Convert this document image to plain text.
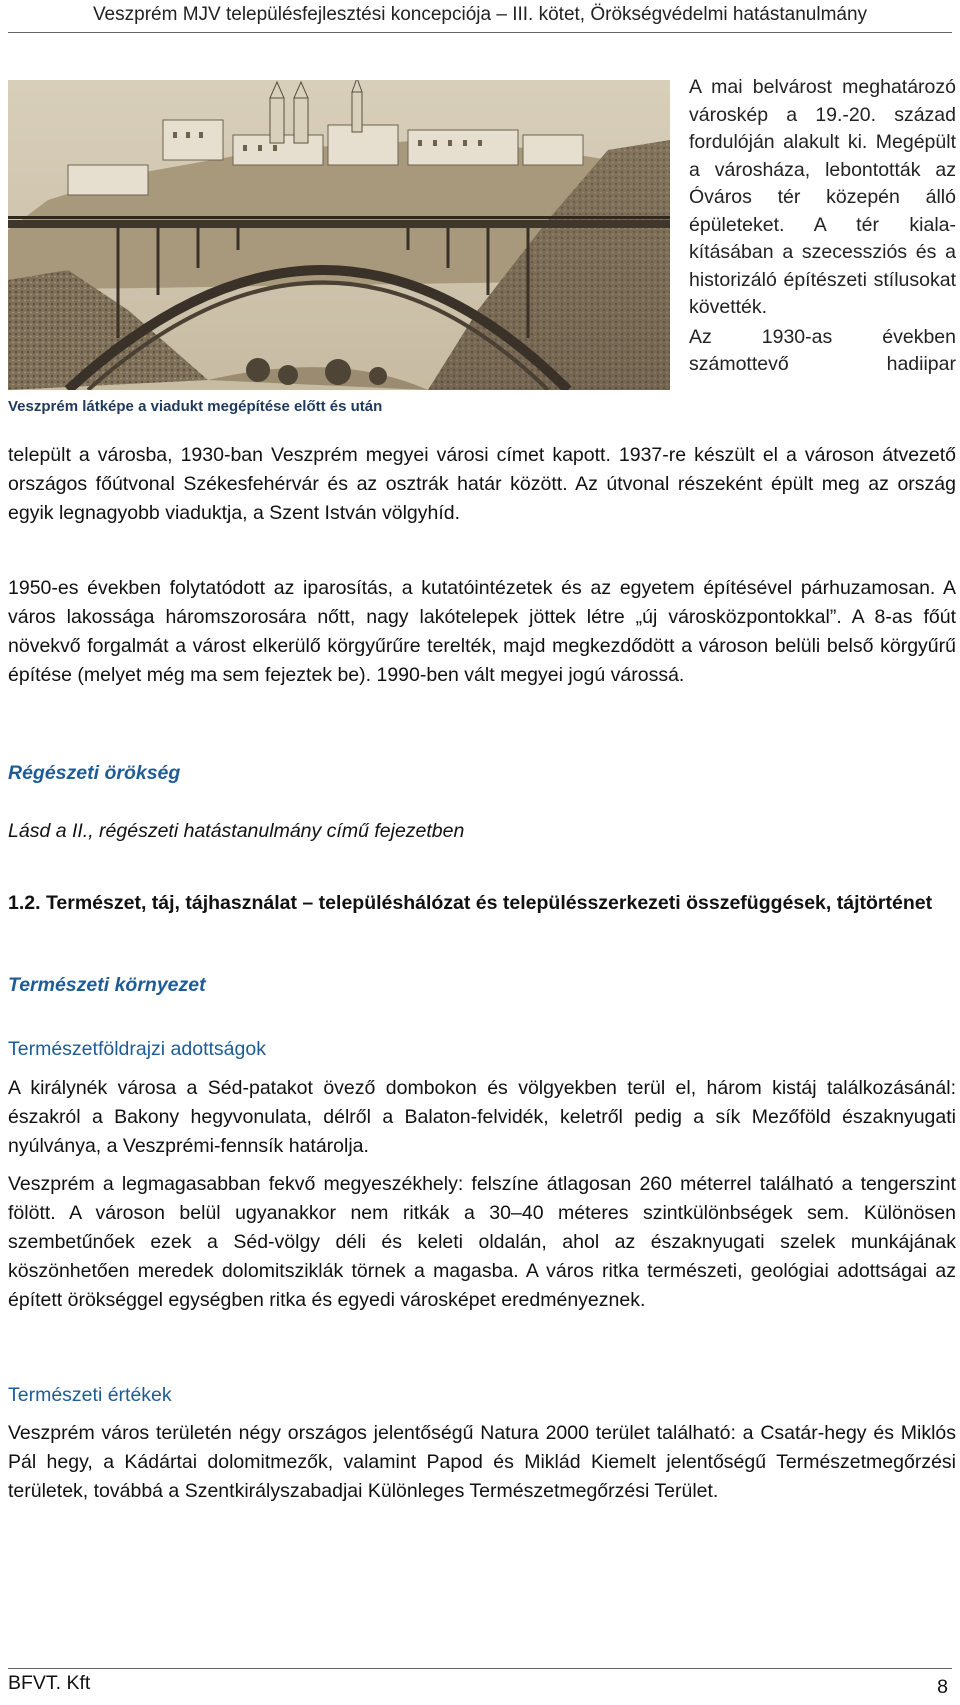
Veszprém MJV településfejlesztési koncepciója – III. kötet, Örökségvédelmi hatástanulmány
Veszprém látképe a viadukt megépítése előtt és után
A mai belvárost meghatározó városkép a 19.-20. század fordulóján alakult ki. Megépült a városháza, lebontották az Óváros tér közepén álló épületeket. A tér kiala-kításában a szecessziós és a historizáló építészeti stílusokat követték.
Az 1930-as években
számottevő hadiipar
települt a városba, 1930-ban Veszprém megyei városi címet kapott. 1937-re készült el a városon átvezető országos főútvonal Székesfehérvár és az osztrák határ között. Az útvonal részeként épült meg az ország egyik legnagyobb viaduktja, a Szent István völgyhíd.
1950-es években folytatódott az iparosítás, a kutatóintézetek és az egyetem építésével párhuzamosan. A város lakossága háromszorosára nőtt, nagy lakótelepek jöttek létre „új városközpontokkal”. A 8-as főút növekvő forgalmát a várost elkerülő körgyűrűre terelték, majd megkezdődött a városon belüli belső körgyűrű építése (melyet még ma sem fejeztek be). 1990-ben vált megyei jogú várossá.
Régészeti örökség
Lásd a II., régészeti hatástanulmány című fejezetben
1.2. Természet, táj, tájhasználat – településhálózat és településszerkezeti összefüggések, tájtörténet
Természeti környezet
Természetföldrajzi adottságok
A királynék városa a Séd-patakot övező dombokon és völgyekben terül el, három kistáj találkozásánál: északról a Bakony hegyvonulata, délről a Balaton-felvidék, keletről pedig a sík Mezőföld északnyugati nyúlványa, a Veszprémi-fennsík határolja.
Veszprém a legmagasabban fekvő megyeszékhely: felszíne átlagosan 260 méterrel található a tengerszint fölött. A városon belül ugyanakkor nem ritkák a 30–40 méteres szintkülönbségek sem. Különösen szembetűnőek ezek a Séd-völgy déli és keleti oldalán, ahol az északnyugati szelek munkájának köszönhetően meredek dolomitsziklák törnek a magasba. A város ritka természeti, geológiai adottságai az épített örökséggel egységben ritka és egyedi városképet eredményeznek.
Természeti értékek
Veszprém város területén négy országos jelentőségű Natura 2000 terület található: a Csatár-hegy és Miklós Pál hegy, a Kádártai dolomitmezők, valamint Papod és Miklád Kiemelt jelentőségű Természetmegőrzési területek, továbbá a Szentkirályszabadjai Különleges Természetmegőrzési Terület.
BFVT. Kft	8
